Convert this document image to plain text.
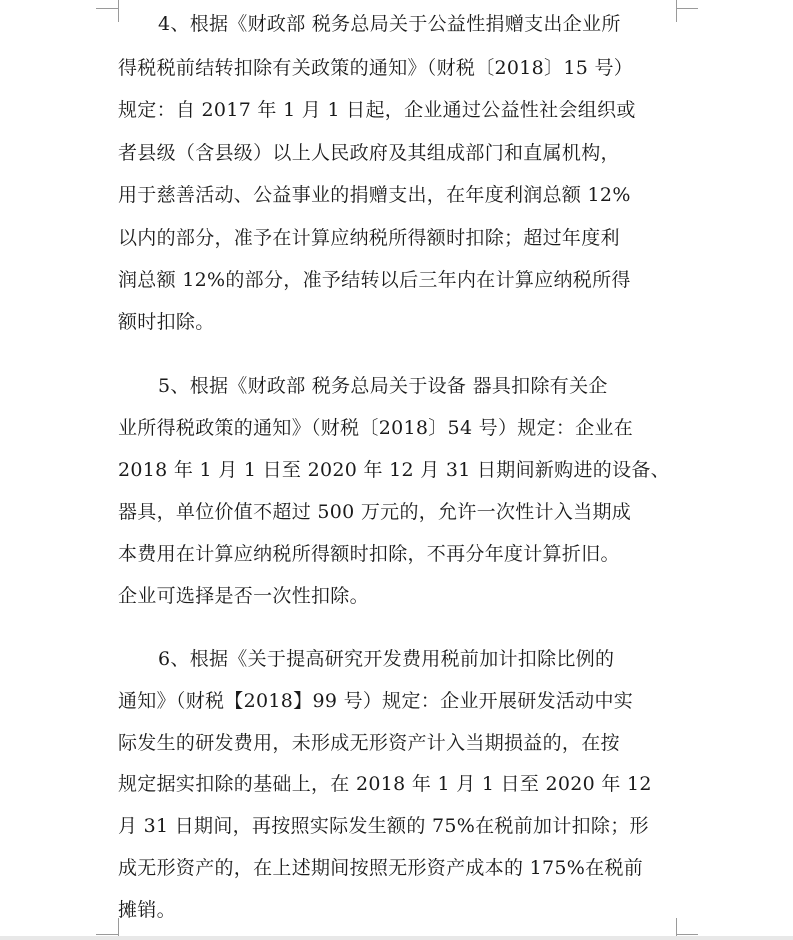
4、根据《财政部 税务总局关于公益性捐赠支出企业所
得税税前结转扣除有关政策的通知》（财税〔2018〕15 号）
规定：自 2017 年 1 月 1 日起，企业通过公益性社会组织或
者县级（含县级）以上人民政府及其组成部门和直属机构，
用于慈善活动、公益事业的捐赠支出，在年度利润总额 12%
以内的部分，准予在计算应纳税所得额时扣除；超过年度利
润总额 12%的部分，准予结转以后三年内在计算应纳税所得
额时扣除。
5、根据《财政部 税务总局关于设备 器具扣除有关企
业所得税政策的通知》（财税〔2018〕54 号）规定：企业在
2018 年 1 月 1 日至 2020 年 12 月 31 日期间新购进的设备、
器具，单位价值不超过 500 万元的，允许一次性计入当期成
本费用在计算应纳税所得额时扣除，不再分年度计算折旧。
企业可选择是否一次性扣除。
6、根据《关于提高研究开发费用税前加计扣除比例的
通知》（财税【2018】99 号）规定：企业开展研发活动中实
际发生的研发费用，未形成无形资产计入当期损益的，在按
规定据实扣除的基础上，在 2018 年 1 月 1 日至 2020 年 12
月 31 日期间，再按照实际发生额的 75%在税前加计扣除；形
成无形资产的，在上述期间按照无形资产成本的 175%在税前
摊销。
